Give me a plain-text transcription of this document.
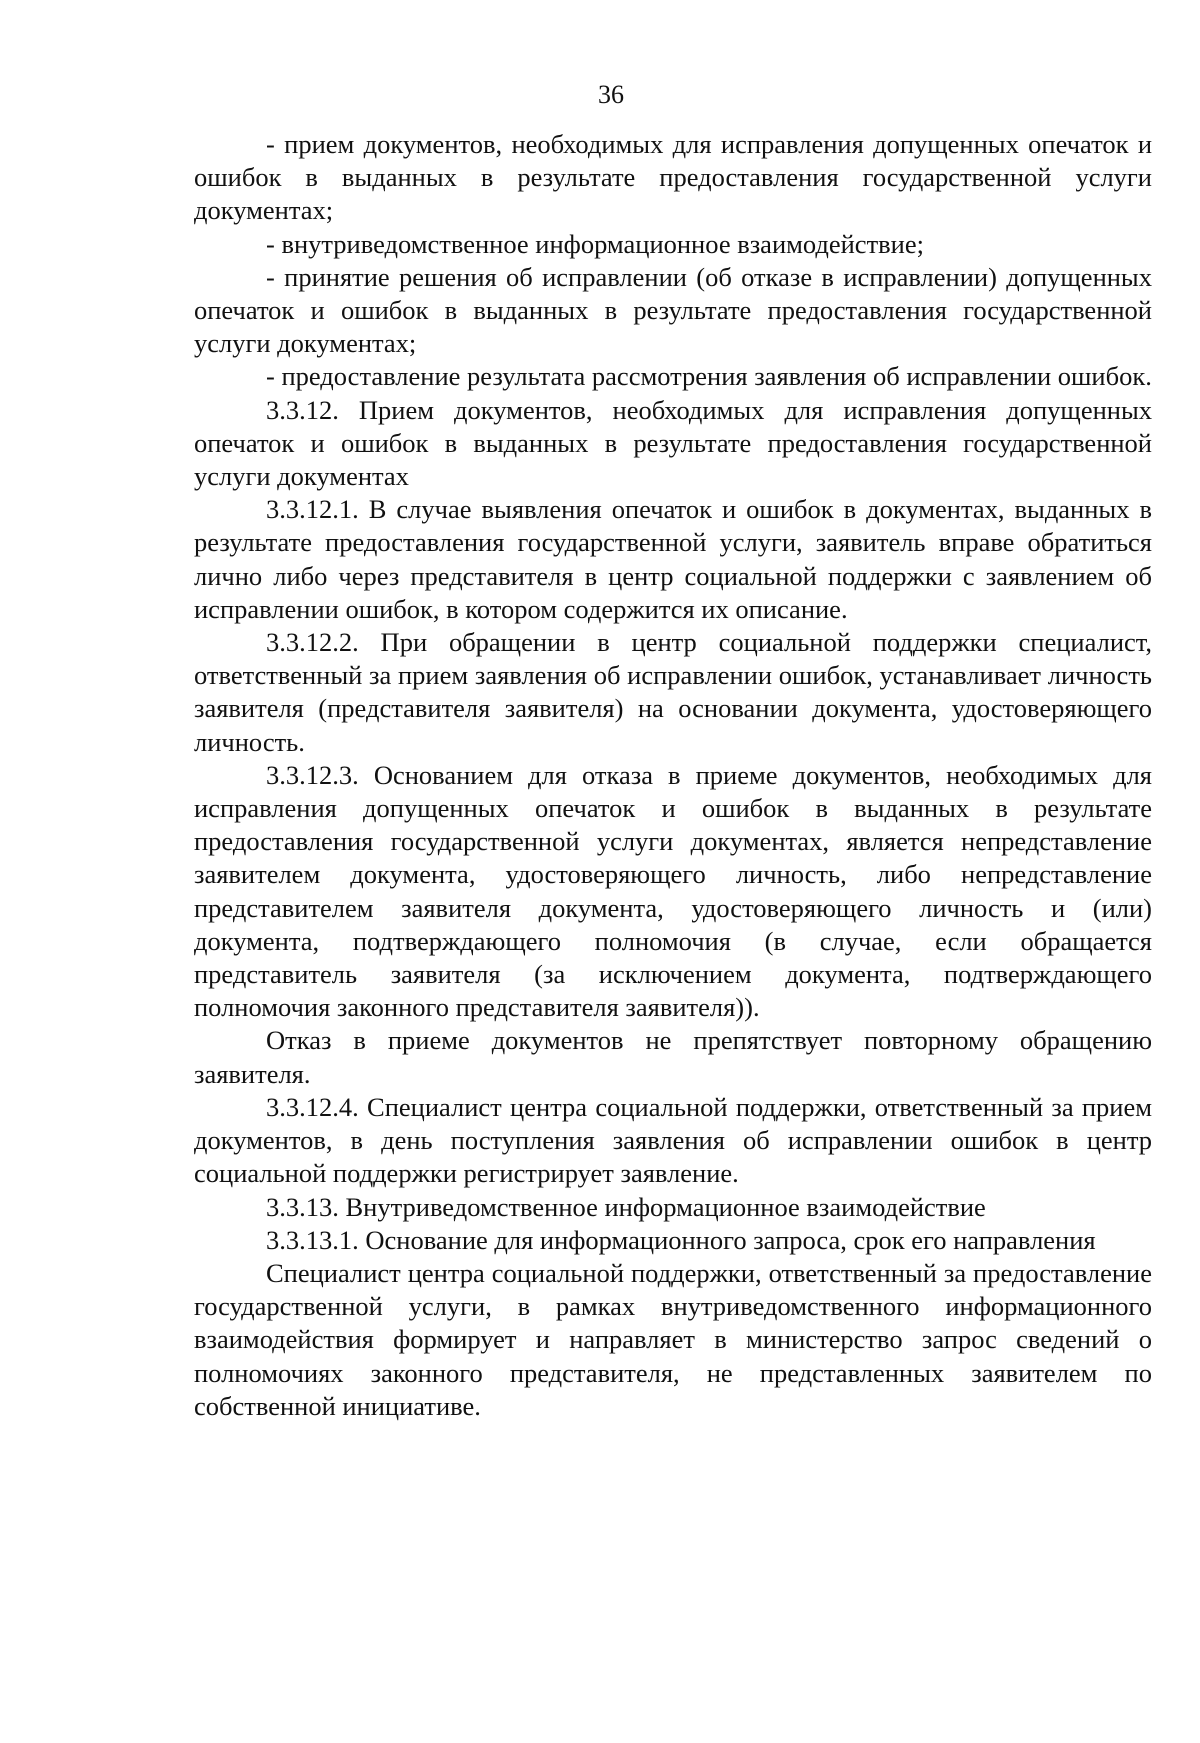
36

- прием документов, необходимых для исправления допущенных опечаток и ошибок в выданных в результате предоставления государственной услуги документах;

- внутриведомственное информационное взаимодействие;

- принятие решения об исправлении (об отказе в исправлении) допущенных опечаток и ошибок в выданных в результате предоставления государственной услуги документах;

- предоставление результата рассмотрения заявления об исправлении ошибок.

3.3.12. Прием документов, необходимых для исправления допущенных опечаток и ошибок в выданных в результате предоставления государственной услуги документах

3.3.12.1. В случае выявления опечаток и ошибок в документах, выданных в результате предоставления государственной услуги, заявитель вправе обратиться лично либо через представителя в центр социальной поддержки с заявлением об исправлении ошибок, в котором содержится их описание.

3.3.12.2. При обращении в центр социальной поддержки специалист, ответственный за прием заявления об исправлении ошибок, устанавливает личность заявителя (представителя заявителя) на основании документа, удостоверяющего личность.

3.3.12.3. Основанием для отказа в приеме документов, необходимых для исправления допущенных опечаток и ошибок в выданных в результате предоставления государственной услуги документах, является непредставление заявителем документа, удостоверяющего личность, либо непредставление представителем заявителя документа, удостоверяющего личность и (или) документа, подтверждающего полномочия (в случае, если обращается представитель заявителя (за исключением документа, подтверждающего полномочия законного представителя заявителя)).

Отказ в приеме документов не препятствует повторному обращению заявителя.

3.3.12.4. Специалист центра социальной поддержки, ответственный за прием документов, в день поступления заявления об исправлении ошибок в центр социальной поддержки регистрирует заявление.

3.3.13. Внутриведомственное информационное взаимодействие

3.3.13.1. Основание для информационного запроса, срок его направления

Специалист центра социальной поддержки, ответственный за предоставление государственной услуги, в рамках внутриведомственного информационного взаимодействия формирует и направляет в министерство запрос сведений о полномочиях законного представителя, не представленных заявителем по собственной инициативе.
